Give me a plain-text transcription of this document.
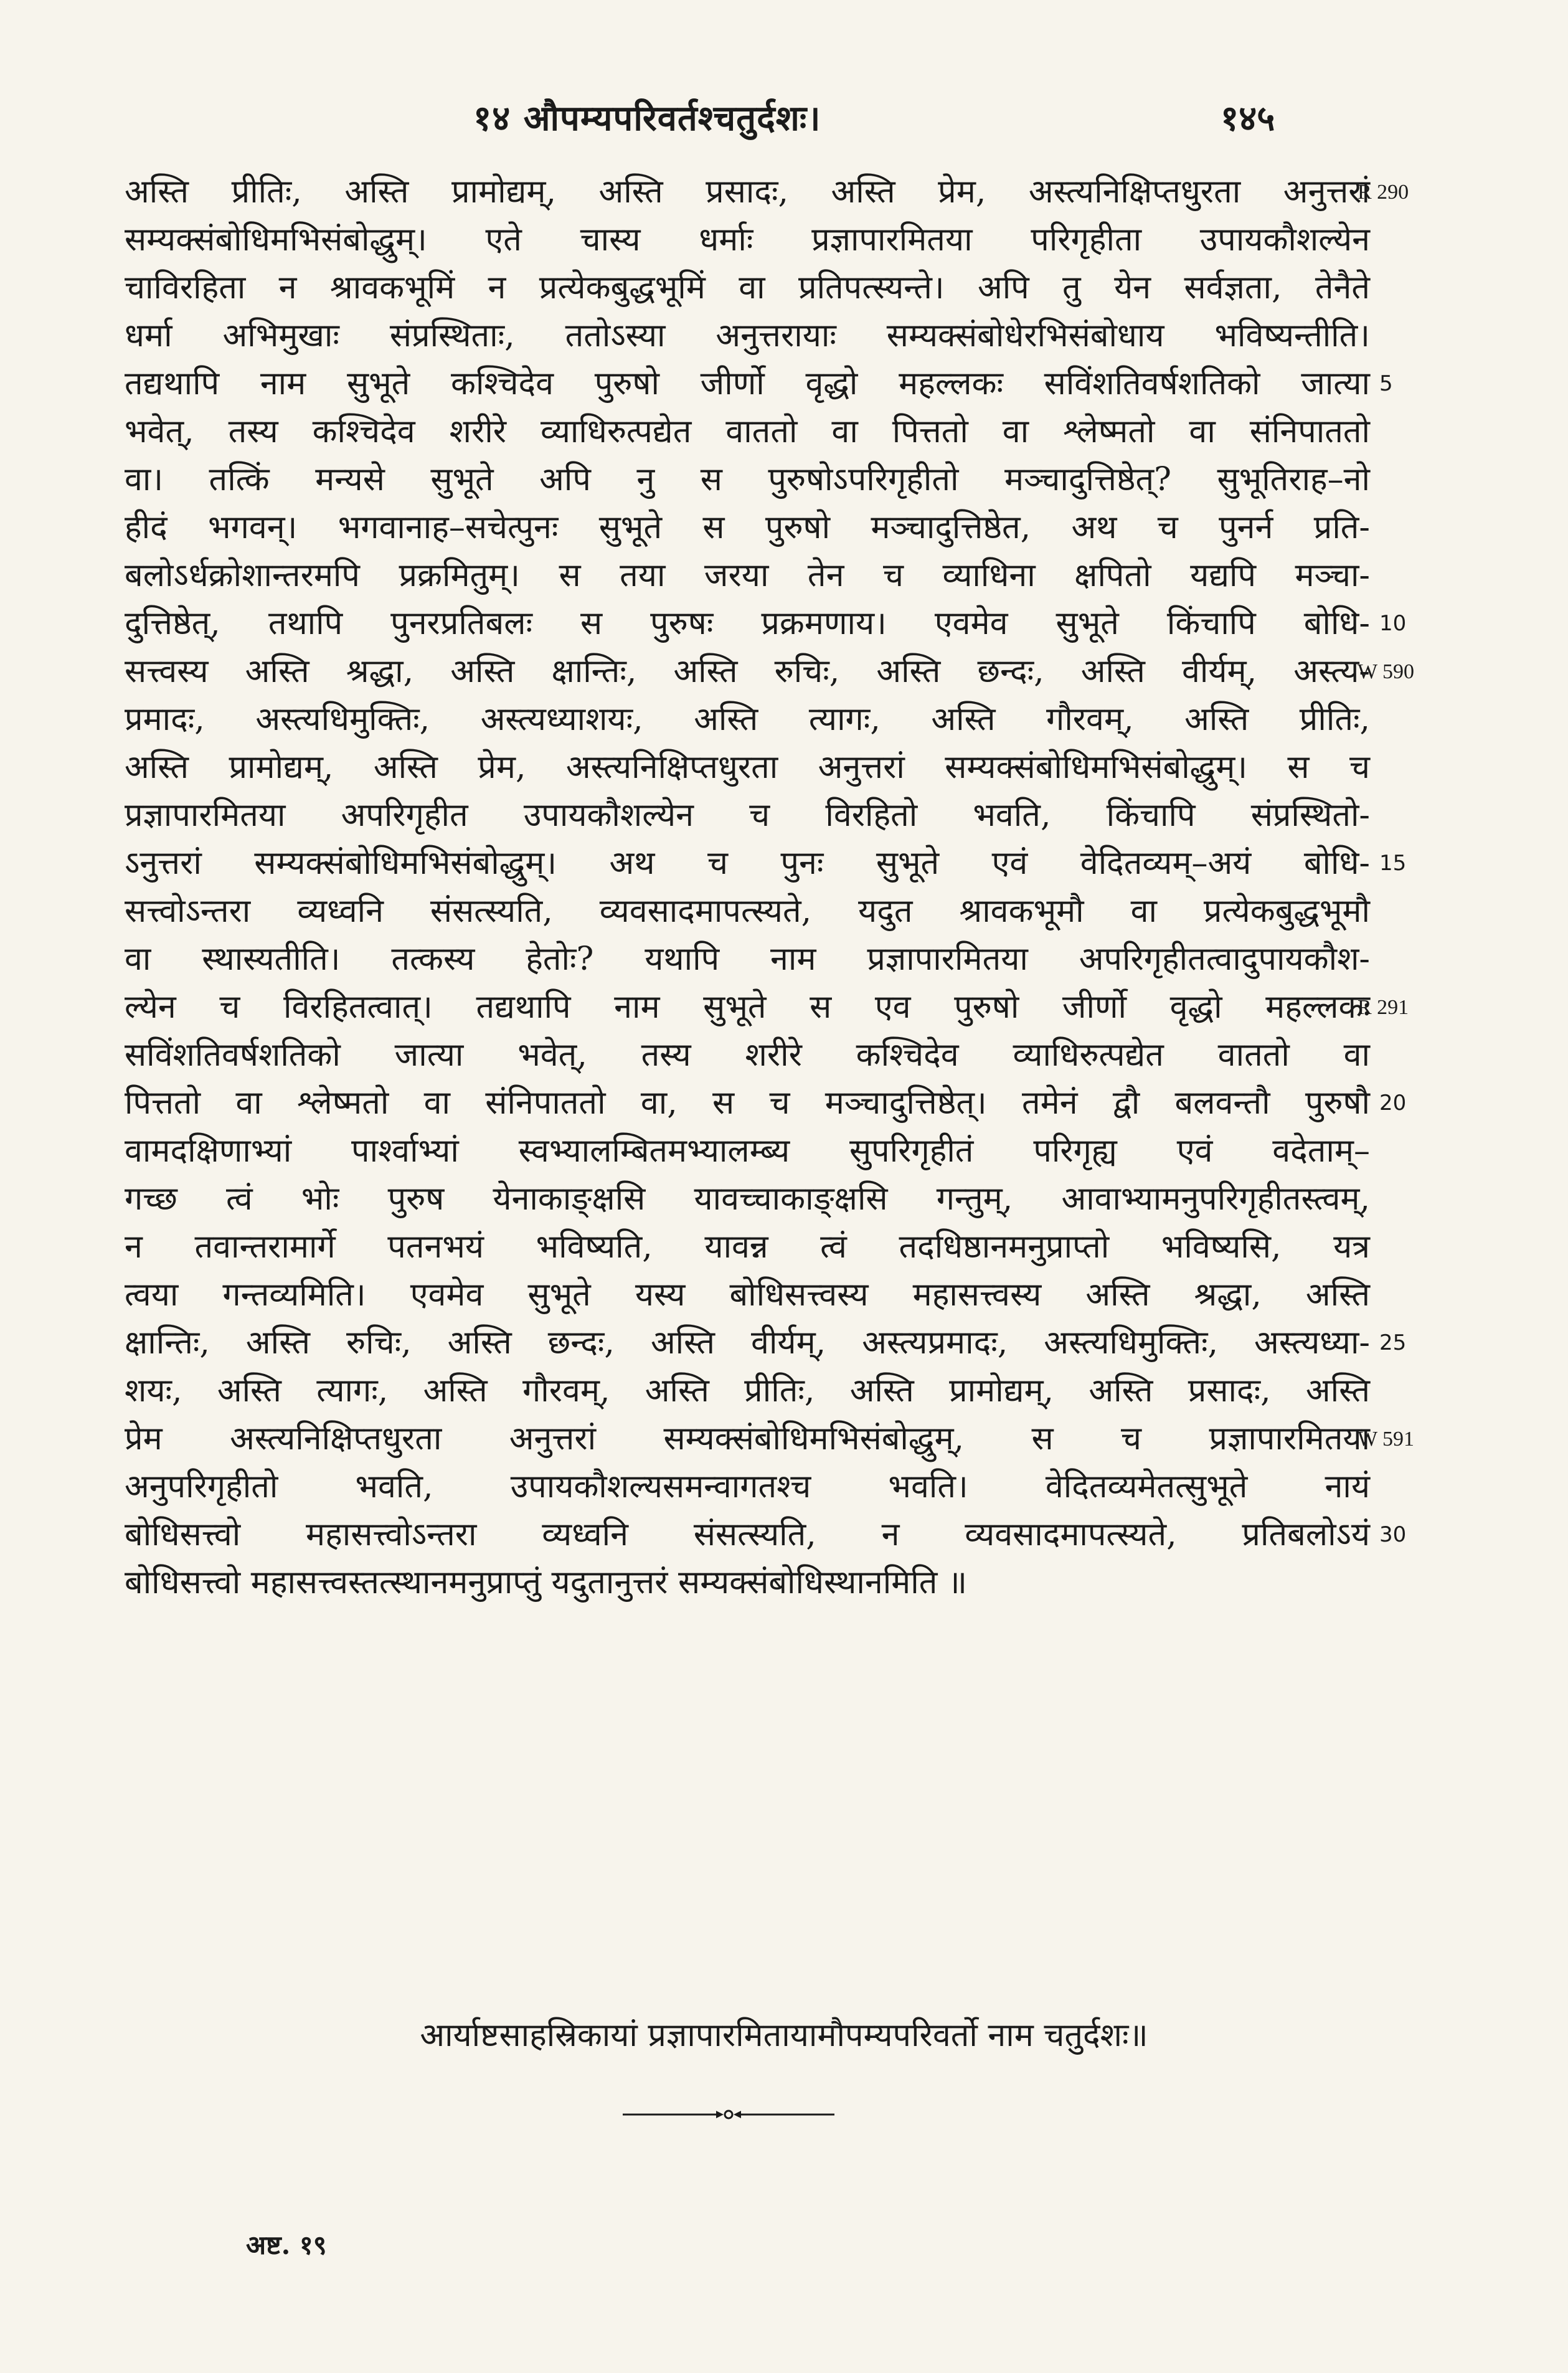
१४ औपम्यपरिवर्तश्चतुर्दशः।	१४५
अस्ति प्रीतिः, अस्ति प्रामोद्यम्, अस्ति प्रसादः, अस्ति प्रेम, अस्त्यनिक्षिप्तधुरता अनुत्तरां
सम्यक्संबोधिमभिसंबोद्धुम्। एते चास्य धर्माः प्रज्ञापारमितया परिगृहीता उपायकौशल्येन
चाविरहिता न श्रावकभूमिं न प्रत्येकबुद्धभूमिं वा प्रतिपत्स्यन्ते। अपि तु येन सर्वज्ञता, तेनैते
धर्मा अभिमुखाः संप्रस्थिताः, ततोऽस्या अनुत्तरायाः सम्यक्संबोधेरभिसंबोधाय भविष्यन्तीति।
तद्यथापि नाम सुभूते कश्चिदेव पुरुषो जीर्णो वृद्धो महल्लकः सविंशतिवर्षशतिको जात्या 5
भवेत्, तस्य कश्चिदेव शरीरे व्याधिरुत्पद्येत वाततो वा पित्ततो वा श्लेष्मतो वा संनिपाततो
वा। तत्किं मन्यसे सुभूते अपि नु स पुरुषोऽपरिगृहीतो मञ्चादुत्तिष्ठेत्? सुभूतिराह–नो
हीदं भगवन्। भगवानाह–सचेत्पुनः सुभूते स पुरुषो मञ्चादुत्तिष्ठेत, अथ च पुनर्न प्रति-
बलोऽर्धक्रोशान्तरमपि प्रक्रमितुम्। स तया जरया तेन च व्याधिना क्षपितो यद्यपि मञ्चा-
दुत्तिष्ठेत्, तथापि पुनरप्रतिबलः स पुरुषः प्रक्रमणाय। एवमेव सुभूते किंचापि बोधि- 10
सत्त्वस्य अस्ति श्रद्धा, अस्ति क्षान्तिः, अस्ति रुचिः, अस्ति छन्दः, अस्ति वीर्यम्, अस्त्य-
प्रमादः, अस्त्यधिमुक्तिः, अस्त्यध्याशयः, अस्ति त्यागः, अस्ति गौरवम्, अस्ति प्रीतिः,
अस्ति प्रामोद्यम्, अस्ति प्रेम, अस्त्यनिक्षिप्तधुरता अनुत्तरां सम्यक्संबोधिमभिसंबोद्धुम्। स च
प्रज्ञापारमितया अपरिगृहीत उपायकौशल्येन च विरहितो भवति, किंचापि संप्रस्थितो-
ऽनुत्तरां सम्यक्संबोधिमभिसंबोद्धुम्। अथ च पुनः सुभूते एवं वेदितव्यम्–अयं बोधि- 15
सत्त्वोऽन्तरा व्यध्वनि संसत्स्यति, व्यवसादमापत्स्यते, यदुत श्रावकभूमौ वा प्रत्येकबुद्धभूमौ
वा स्थास्यतीति। तत्कस्य हेतोः? यथापि नाम प्रज्ञापारमितया अपरिगृहीतत्वादुपायकौश-
ल्येन च विरहितत्वात्। तद्यथापि नाम सुभूते स एव पुरुषो जीर्णो वृद्धो महल्लकः
सविंशतिवर्षशतिको जात्या भवेत्, तस्य शरीरे कश्चिदेव व्याधिरुत्पद्येत वाततो वा
पित्ततो वा श्लेष्मतो वा संनिपाततो वा, स च मञ्चादुत्तिष्ठेत्। तमेनं द्वौ बलवन्तौ पुरुषौ 20
वामदक्षिणाभ्यां पार्श्वाभ्यां स्वभ्यालम्बितमभ्यालम्ब्य सुपरिगृहीतं परिगृह्य एवं वदेताम्–
गच्छ त्वं भोः पुरुष येनाकाङ्क्षसि यावच्चाकाङ्क्षसि गन्तुम्, आवाभ्यामनुपरिगृहीतस्त्वम्,
न तवान्तरामार्गे पतनभयं भविष्यति, यावन्न त्वं तदधिष्ठानमनुप्राप्तो भविष्यसि, यत्र
त्वया गन्तव्यमिति। एवमेव सुभूते यस्य बोधिसत्त्वस्य महासत्त्वस्य अस्ति श्रद्धा, अस्ति
क्षान्तिः, अस्ति रुचिः, अस्ति छन्दः, अस्ति वीर्यम्, अस्त्यप्रमादः, अस्त्यधिमुक्तिः, अस्त्यध्या- 25
शयः, अस्ति त्यागः, अस्ति गौरवम्, अस्ति प्रीतिः, अस्ति प्रामोद्यम्, अस्ति प्रसादः, अस्ति
प्रेम अस्त्यनिक्षिप्तधुरता अनुत्तरां सम्यक्संबोधिमभिसंबोद्धुम्, स च प्रज्ञापारमितया
अनुपरिगृहीतो भवति, उपायकौशल्यसमन्वागतश्च भवति। वेदितव्यमेतत्सुभूते नायं
बोधिसत्त्वो महासत्त्वोऽन्तरा व्यध्वनि संसत्स्यति, न व्यवसादमापत्स्यते, प्रतिबलोऽयं 30
बोधिसत्त्वो महासत्त्वस्तत्स्थानमनुप्राप्तुं यदुतानुत्तरं सम्यक्संबोधिस्थानमिति ॥
R 290
W 590
R 291
W 591
आर्याष्टसाहस्रिकायां प्रज्ञापारमितायामौपम्यपरिवर्तो नाम चतुर्दशः॥
अष्ट. १९
